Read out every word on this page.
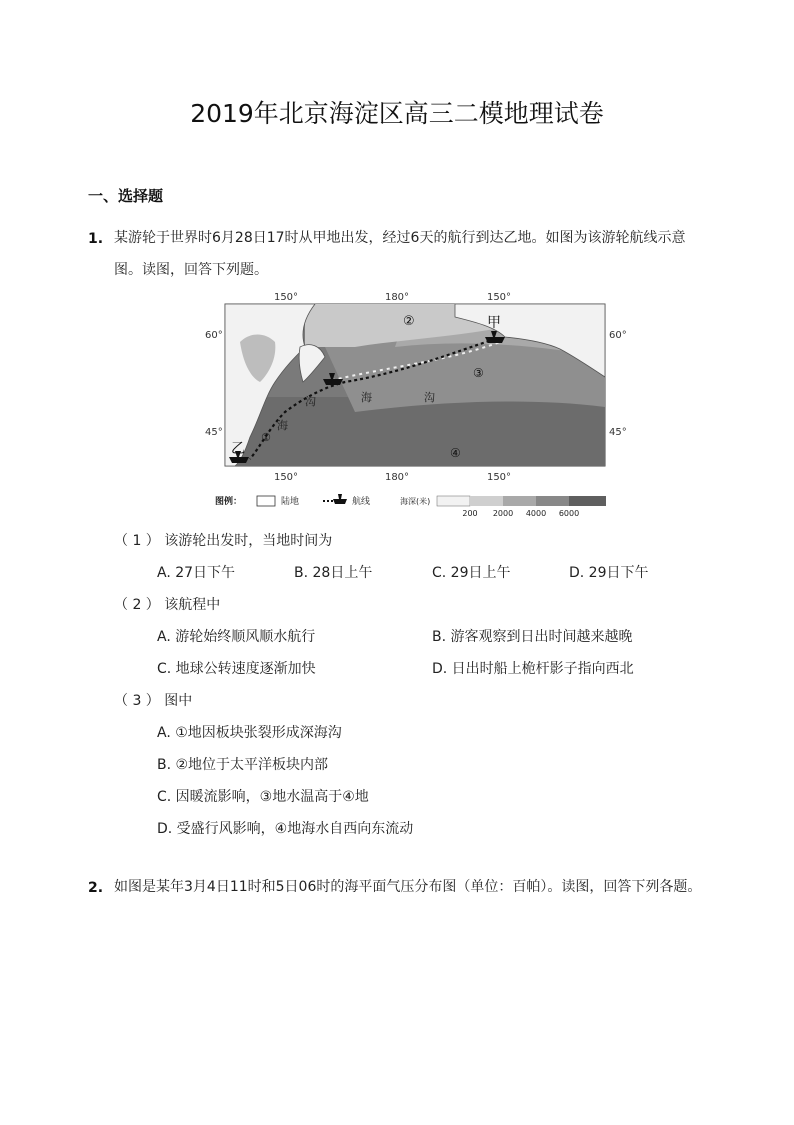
2019年北京海淀区高三二模地理试卷
一、选择题
1. 某游轮于世界时6月28日17时从甲地出发，经过6天的航行到达乙地。如图为该游轮航线示意
图。读图，回答下列题。
150°	180°	150°
150°	180°	150°
60°
45°
60°
45°
甲
乙
①
②
③
④
海
沟	海	沟
图例：	陆地	航线	海深(米)
200 2000 4000 6000
（ 1 ） 该游轮出发时，当地时间为
A. 27日下午	B. 28日上午	C. 29日上午	D. 29日下午
（ 2 ） 该航程中
A. 游轮始终顺风顺水航行	B. 游客观察到日出时间越来越晚
C. 地球公转速度逐渐加快	D. 日出时船上桅杆影子指向西北
（ 3 ） 图中
A. ①地因板块张裂形成深海沟
B. ②地位于太平洋板块内部
C. 因暖流影响，③地水温高于④地
D. 受盛行风影响，④地海水自西向东流动
2. 如图是某年3月4日11时和5日06时的海平面气压分布图（单位：百帕）。读图，回答下列各题。
